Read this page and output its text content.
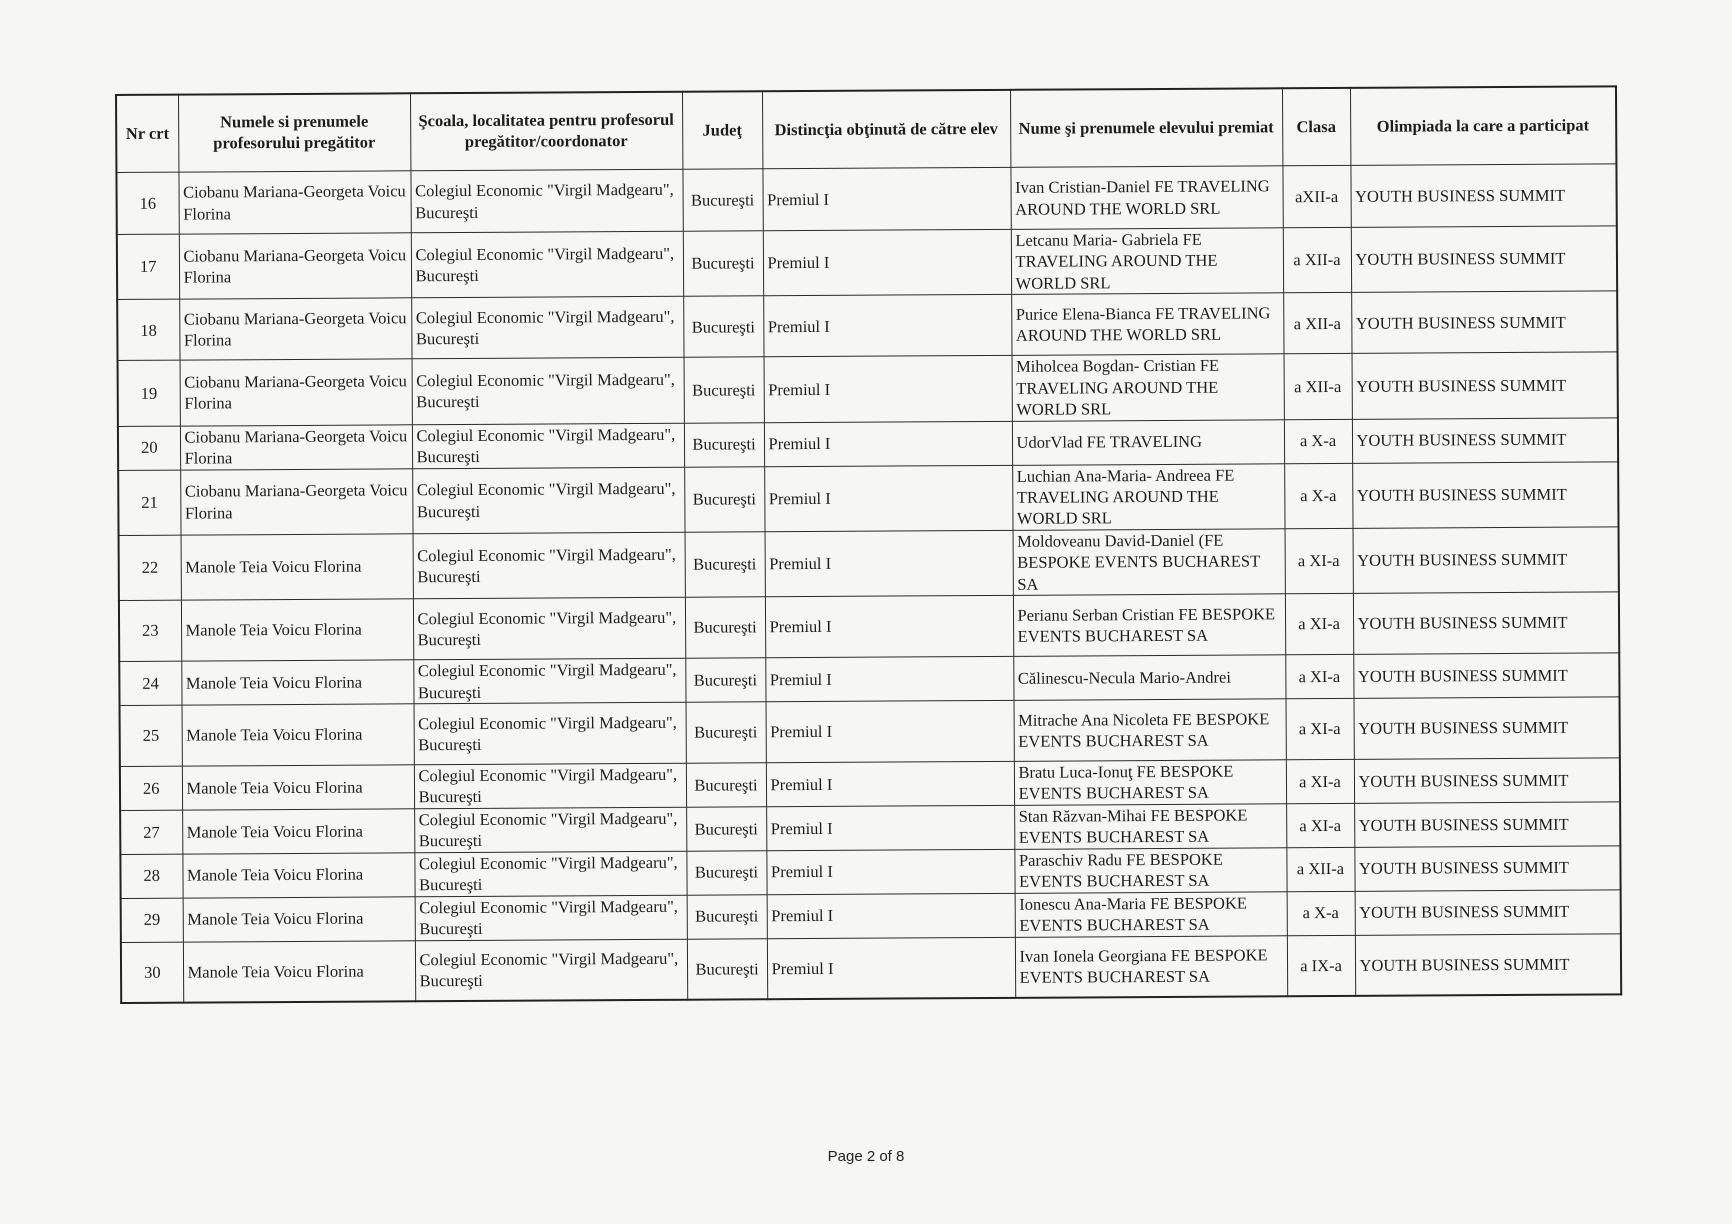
Nr crt	Numele si prenumele profesorului pregătitor	Şcoala, localitatea pentru profesorul pregătitor/coordonator	Judeţ	Distincţia obţinută de către elev	Nume şi prenumele elevului premiat	Clasa	Olimpiada la care a participat
16	Ciobanu Mariana-Georgeta Voicu Florina	Colegiul Economic "Virgil Madgearu", Bucureşti	Bucureşti	Premiul I	Ivan Cristian-Daniel FE TRAVELING AROUND THE WORLD SRL	aXII-a	YOUTH BUSINESS SUMMIT
17	Ciobanu Mariana-Georgeta Voicu Florina	Colegiul Economic "Virgil Madgearu", Bucureşti	Bucureşti	Premiul I	Letcanu Maria- Gabriela FE TRAVELING AROUND THE WORLD SRL	a XII-a	YOUTH BUSINESS SUMMIT
18	Ciobanu Mariana-Georgeta Voicu Florina	Colegiul Economic "Virgil Madgearu", Bucureşti	Bucureşti	Premiul I	Purice Elena-Bianca FE TRAVELING AROUND THE WORLD SRL	a XII-a	YOUTH BUSINESS SUMMIT
19	Ciobanu Mariana-Georgeta Voicu Florina	Colegiul Economic "Virgil Madgearu", Bucureşti	Bucureşti	Premiul I	Miholcea Bogdan- Cristian FE TRAVELING AROUND THE WORLD SRL	a XII-a	YOUTH BUSINESS SUMMIT
20	Ciobanu Mariana-Georgeta Voicu Florina	Colegiul Economic "Virgil Madgearu", Bucureşti	Bucureşti	Premiul I	UdorVlad FE TRAVELING	a X-a	YOUTH BUSINESS SUMMIT
21	Ciobanu Mariana-Georgeta Voicu Florina	Colegiul Economic "Virgil Madgearu", Bucureşti	Bucureşti	Premiul I	Luchian Ana-Maria- Andreea FE TRAVELING AROUND THE WORLD SRL	a X-a	YOUTH BUSINESS SUMMIT
22	Manole Teia Voicu Florina	Colegiul Economic "Virgil Madgearu", Bucureşti	Bucureşti	Premiul I	Moldoveanu David-Daniel (FE BESPOKE EVENTS BUCHAREST SA	a XI-a	YOUTH BUSINESS SUMMIT
23	Manole Teia Voicu Florina	Colegiul Economic "Virgil Madgearu", Bucureşti	Bucureşti	Premiul I	Perianu Serban Cristian FE BESPOKE EVENTS BUCHAREST SA	a XI-a	YOUTH BUSINESS SUMMIT
24	Manole Teia Voicu Florina	Colegiul Economic "Virgil Madgearu", Bucureşti	Bucureşti	Premiul I	Călinescu-Necula Mario-Andrei	a XI-a	YOUTH BUSINESS SUMMIT
25	Manole Teia Voicu Florina	Colegiul Economic "Virgil Madgearu", Bucureşti	Bucureşti	Premiul I	Mitrache Ana Nicoleta FE BESPOKE EVENTS BUCHAREST SA	a XI-a	YOUTH BUSINESS SUMMIT
26	Manole Teia Voicu Florina	Colegiul Economic "Virgil Madgearu", Bucureşti	Bucureşti	Premiul I	Bratu Luca-Ionuţ FE BESPOKE EVENTS BUCHAREST SA	a XI-a	YOUTH BUSINESS SUMMIT
27	Manole Teia Voicu Florina	Colegiul Economic "Virgil Madgearu", Bucureşti	Bucureşti	Premiul I	Stan Răzvan-Mihai FE BESPOKE EVENTS BUCHAREST SA	a XI-a	YOUTH BUSINESS SUMMIT
28	Manole Teia Voicu Florina	Colegiul Economic "Virgil Madgearu", Bucureşti	Bucureşti	Premiul I	Paraschiv Radu FE BESPOKE EVENTS BUCHAREST SA	a XII-a	YOUTH BUSINESS SUMMIT
29	Manole Teia Voicu Florina	Colegiul Economic "Virgil Madgearu", Bucureşti	Bucureşti	Premiul I	Ionescu Ana-Maria FE BESPOKE EVENTS BUCHAREST SA	a X-a	YOUTH BUSINESS SUMMIT
30	Manole Teia Voicu Florina	Colegiul Economic "Virgil Madgearu", Bucureşti	Bucureşti	Premiul I	Ivan Ionela Georgiana FE BESPOKE EVENTS BUCHAREST SA	a IX-a	YOUTH BUSINESS SUMMIT
Page 2 of 8
